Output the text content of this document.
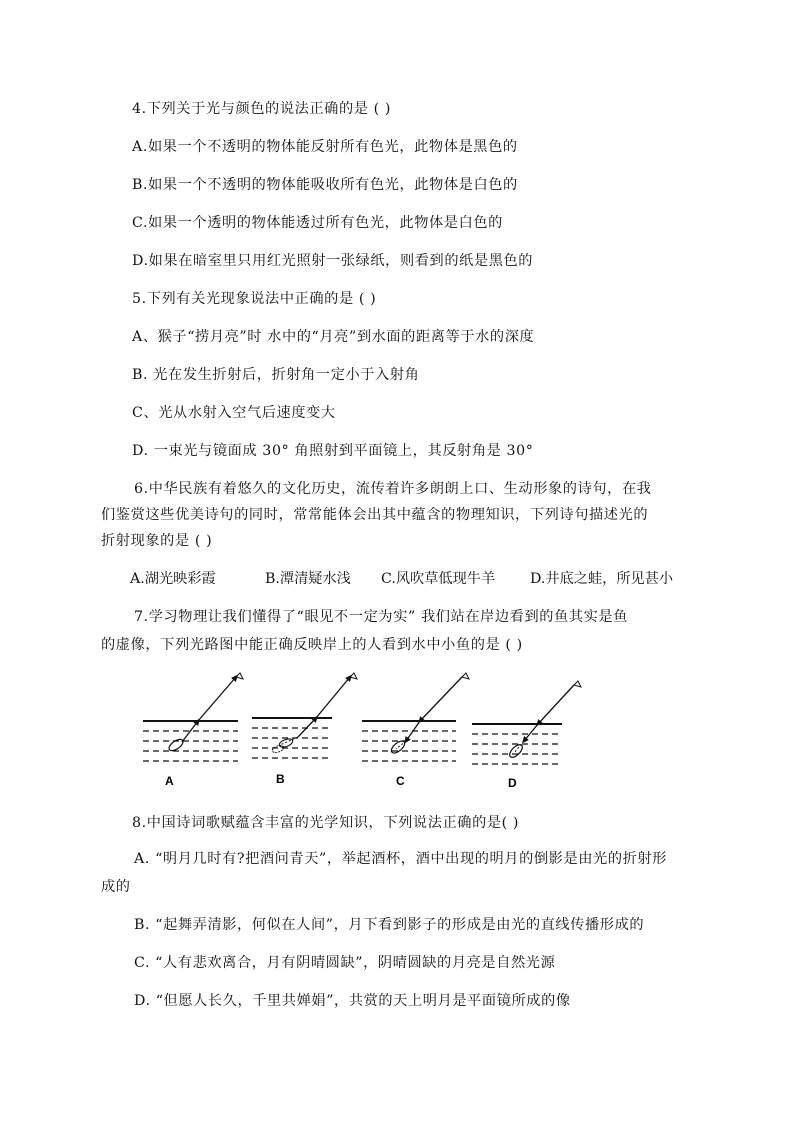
4.下列关于光与颜色的说法正确的是 ( )
A.如果一个不透明的物体能反射所有色光，此物体是黑色的
B.如果一个不透明的物体能吸收所有色光，此物体是白色的
C.如果一个透明的物体能透过所有色光，此物体是白色的
D.如果在暗室里只用红光照射一张绿纸，则看到的纸是黑色的
5.下列有关光现象说法中正确的是 ( )
A、猴子“捞月亮”时 水中的“月亮”到水面的距离等于水的深度
B. 光在发生折射后，折射角一定小于入射角
C、光从水射入空气后速度变大
D. 一束光与镜面成 30° 角照射到平面镜上，其反射角是 30°
6.中华民族有着悠久的文化历史，流传着许多朗朗上口、生动形象的诗句，在我
们鉴赏这些优美诗句的同时，常常能体会出其中蕴含的物理知识，下列诗句描述光的
折射现象的是 ( )
A.湖光映彩霞	B.潭清疑水浅 C.风吹草低现牛羊 D.井底之蛙，所见甚小
7.学习物理让我们懂得了“眼见不一定为实” 我们站在岸边看到的鱼其实是鱼
的虚像，下列光路图中能正确反映岸上的人看到水中小鱼的是 ( )
A	B	C	D
8.中国诗词歌赋蕴含丰富的光学知识，下列说法正确的是( )
A. “明月几时有?把酒问青天”，举起酒杯，酒中出现的明月的倒影是由光的折射形
成的
B. “起舞弄清影，何似在人间”，月下看到影子的形成是由光的直线传播形成的
C. “人有悲欢离合，月有阴晴圆缺”，阴晴圆缺的月亮是自然光源
D. “但愿人长久，千里共婵娟”，共赏的天上明月是平面镜所成的像
